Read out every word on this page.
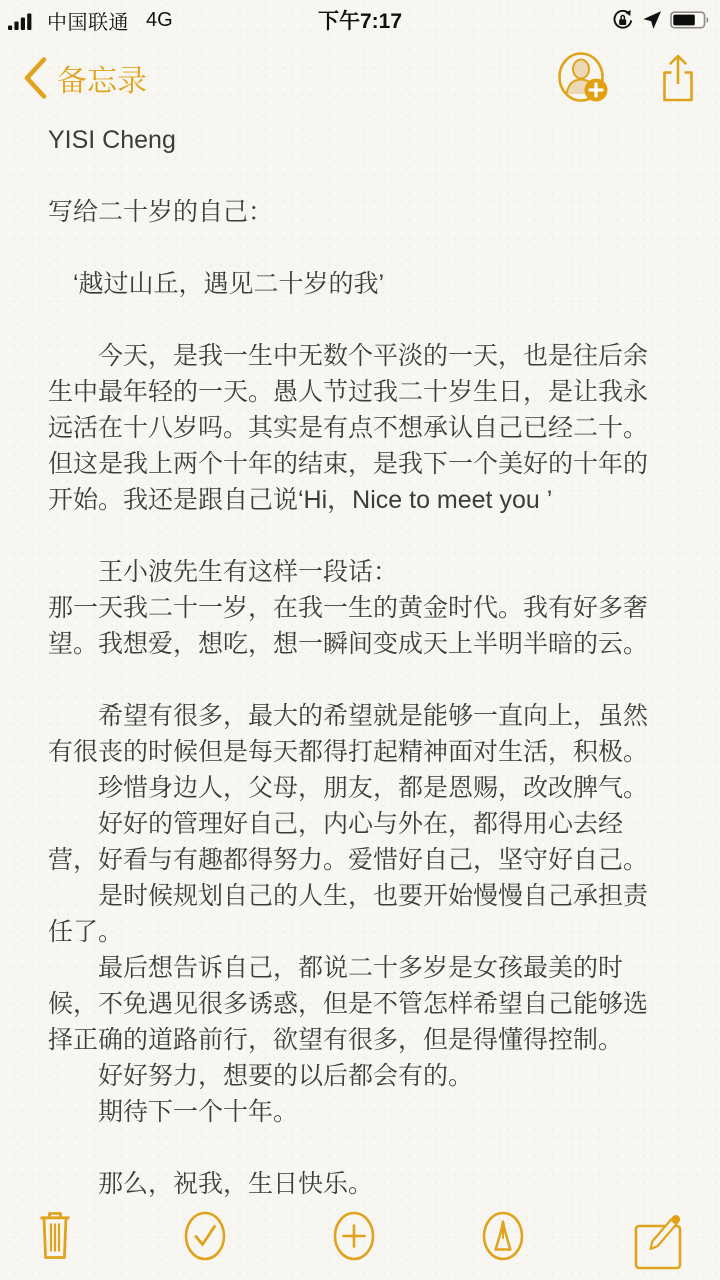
中国联通 4G	下午7:17
备忘录

YISI Cheng

写给二十岁的自己：

　‘越过山丘，遇见二十岁的我’

　　今天，是我一生中无数个平淡的一天，也是往后余生中最年轻的一天。愚人节过我二十岁生日，是让我永远活在十八岁吗。其实是有点不想承认自己已经二十。但这是我上两个十年的结束，是我下一个美好的十年的开始。我还是跟自己说‘Hi，Nice to meet you ’

　　王小波先生有这样一段话：

那一天我二十一岁，在我一生的黄金时代。我有好多奢望。我想爱，想吃，想一瞬间变成天上半明半暗的云。

　　希望有很多，最大的希望就是能够一直向上，虽然有很丧的时候但是每天都得打起精神面对生活，积极。

　　珍惜身边人，父母，朋友，都是恩赐，改改脾气。

　　好好的管理好自己，内心与外在，都得用心去经营，好看与有趣都得努力。爱惜好自己，坚守好自己。

　　是时候规划自己的人生，也要开始慢慢自己承担责任了。

　　最后想告诉自己，都说二十多岁是女孩最美的时候，不免遇见很多诱惑，但是不管怎样希望自己能够选择正确的道路前行，欲望有很多，但是得懂得控制。

　　好好努力，想要的以后都会有的。

　　期待下一个十年。

　　那么，祝我，生日快乐。
